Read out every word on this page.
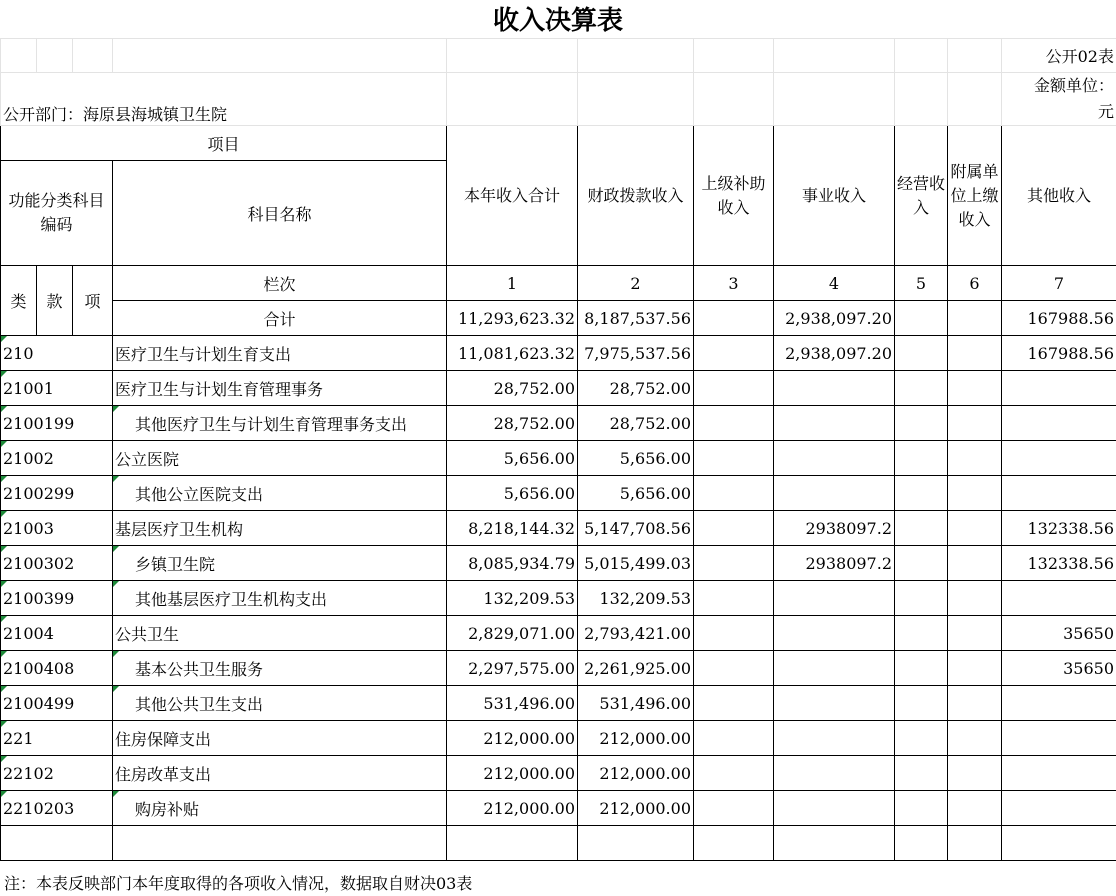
收入决算表
										公开02表
公开部门：海原县海城镇卫生院										金额单位：
元

项目				本年收入合计	财政拨款收入	上级补助收入	事业收入	经营收入	附属单位上缴收入	其他收入
功能分类科目编码			科目名称							
类	款	项	栏次	1	2	3	4	5	6	7
			合计	11,293,623.32	8,187,537.56		2,938,097.20			167988.56
210			医疗卫生与计划生育支出	11,081,623.32	7,975,537.56		2,938,097.20			167988.56
21001			医疗卫生与计划生育管理事务	28,752.00	28,752.00					
2100199			其他医疗卫生与计划生育管理事务支出	28,752.00	28,752.00					
21002			公立医院	5,656.00	5,656.00					
2100299			其他公立医院支出	5,656.00	5,656.00					
21003			基层医疗卫生机构	8,218,144.32	5,147,708.56		2938097.2			132338.56
2100302			乡镇卫生院	8,085,934.79	5,015,499.03		2938097.2			132338.56
2100399			其他基层医疗卫生机构支出	132,209.53	132,209.53					
21004			公共卫生	2,829,071.00	2,793,421.00					35650
2100408			基本公共卫生服务	2,297,575.00	2,261,925.00					35650
2100499			其他公共卫生支出	531,496.00	531,496.00					
221			住房保障支出	212,000.00	212,000.00					
22102			住房改革支出	212,000.00	212,000.00					
2210203			购房补贴	212,000.00	212,000.00					

注：本表反映部门本年度取得的各项收入情况，数据取自财决03表
